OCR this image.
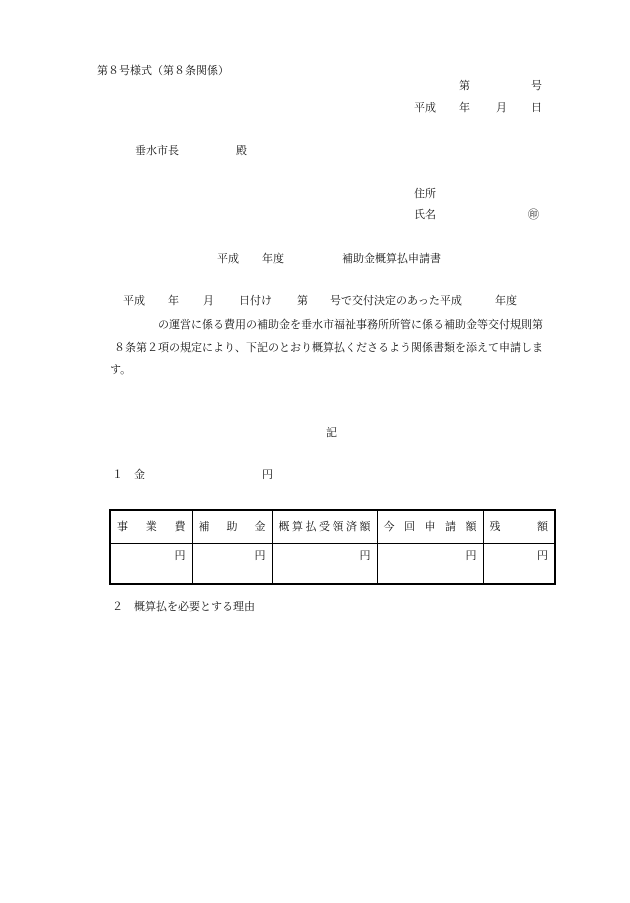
第８号様式（第８条関係）
第	号
平成 年 月 日
垂水市長	殿
住所
氏名	㊞
平成 年度	補助金概算払申請書
平成 年 月 日付け 第 号で交付決定のあった平成	年度
の運営に係る費用の補助金を垂水市福祉事務所所管に係る補助金等交付規則第
８条第２項の規定により、下記のとおり概算払くださるよう関係書類を添えて申請しま
す。
記
１　金	円
事業費	補助金	概算払受領済額	今回申請額	残額
円	円	円	円	円
２　概算払を必要とする理由
